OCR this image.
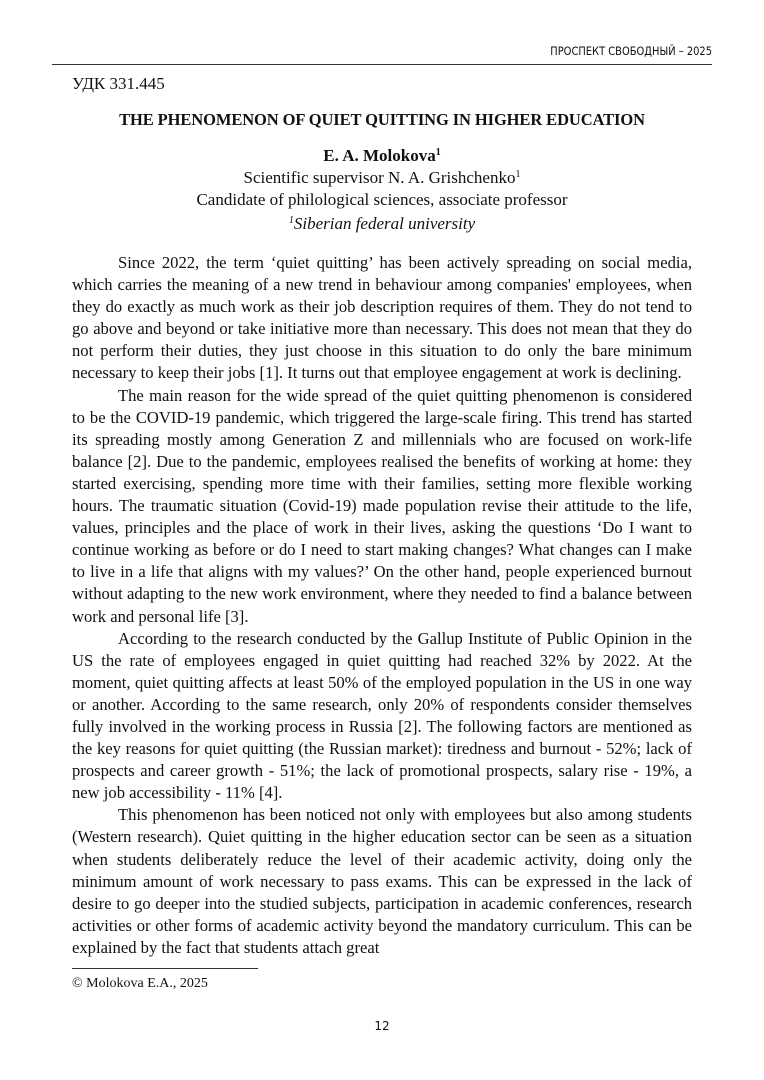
ПРОСПЕКТ СВОБОДНЫЙ – 2025
УДК 331.445
THE PHENOMENON OF QUIET QUITTING IN HIGHER EDUCATION
E. A. Molokova$^1$
Scientific supervisor N. A. Grishchenko$^1$
Candidate of philological sciences, associate professor
$^1$Siberian federal university

Since 2022, the term ‘quiet quitting’ has been actively spreading on social media, which carries the meaning of a new trend in behaviour among companies' employees, when they do exactly as much work as their job description requires of them. They do not tend to go above and beyond or take initiative more than necessary. This does not mean that they do not perform their duties, they just choose in this situation to do only the bare minimum necessary to keep their jobs [1]. It turns out that employee engagement at work is declining.

The main reason for the wide spread of the quiet quitting phenomenon is considered to be the COVID-19 pandemic, which triggered the large-scale firing. This trend has started its spreading mostly among Generation Z and millennials who are focused on work-life balance [2]. Due to the pandemic, employees realised the benefits of working at home: they started exercising, spending more time with their families, setting more flexible working hours. The traumatic situation (Covid-19) made population revise their attitude to the life, values, principles and the place of work in their lives, asking the questions ‘Do I want to continue working as before or do I need to start making changes? What changes can I make to live in a life that aligns with my values?’ On the other hand, people experienced burnout without adapting to the new work environment, where they needed to find a balance between work and personal life [3].

According to the research conducted by the Gallup Institute of Public Opinion in the US the rate of employees engaged in quiet quitting had reached 32% by 2022. At the moment, quiet quitting affects at least 50% of the employed population in the US in one way or another. According to the same research, only 20% of respondents consider themselves fully involved in the working process in Russia [2]. The following factors are mentioned as the key reasons for quiet quitting (the Russian market): tiredness and burnout - 52%; lack of prospects and career growth - 51%; the lack of promotional prospects, salary rise - 19%, a new job accessibility - 11% [4].

This phenomenon has been noticed not only with employees but also among students (Western research). Quiet quitting in the higher education sector can be seen as a situation when students deliberately reduce the level of their academic activity, doing only the minimum amount of work necessary to pass exams. This can be expressed in the lack of desire to go deeper into the studied subjects, participation in academic conferences, research activities or other forms of academic activity beyond the mandatory curriculum. This can be explained by the fact that students attach great

© Molokova E.A., 2025
12
